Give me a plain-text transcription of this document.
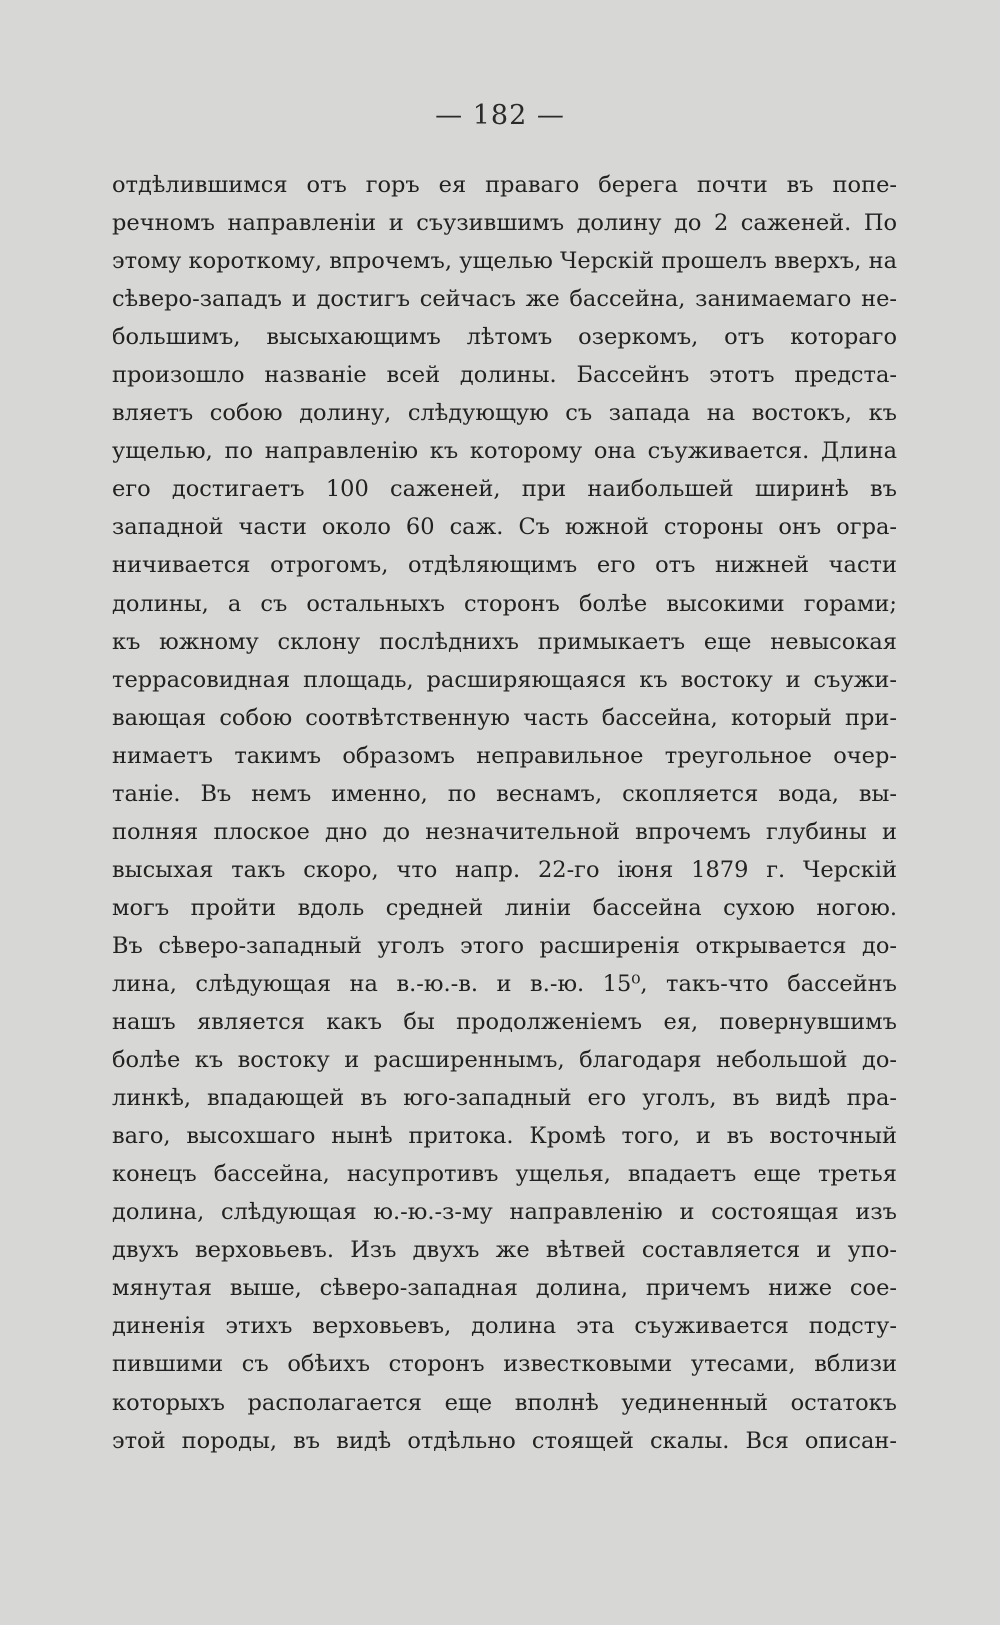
— 182 —
отдѣлившимся отъ горъ ея праваго берега почти въ попе-
речномъ направленіи и съузившимъ долину до 2 саженей. По
этому короткому, впрочемъ, ущелью Черскій прошелъ вверхъ, на
сѣверо-западъ и достигъ сейчасъ же бассейна, занимаемаго не-
большимъ, высыхающимъ лѣтомъ озеркомъ, отъ котораго
произошло названіе всей долины. Бассейнъ этотъ предста-
вляетъ собою долину, слѣдующую съ запада на востокъ, къ
ущелью, по направленію къ которому она съуживается. Длина
его достигаетъ 100 саженей, при наибольшей ширинѣ въ
западной части около 60 саж. Съ южной стороны онъ огра-
ничивается отрогомъ, отдѣляющимъ его отъ нижней части
долины, а съ остальныхъ сторонъ болѣе высокими горами;
къ южному склону послѣднихъ примыкаетъ еще невысокая
террасовидная площадь, расширяющаяся къ востоку и съужи-
вающая собою соотвѣтственную часть бассейна, который при-
нимаетъ такимъ образомъ неправильное треугольное очер-
таніе. Въ немъ именно, по веснамъ, скопляется вода, вы-
полняя плоское дно до незначительной впрочемъ глубины и
высыхая такъ скоро, что напр. 22-го іюня 1879 г. Черскій
могъ пройти вдоль средней линіи бассейна сухою ногою.
Въ сѣверо-западный уголъ этого расширенія открывается до-
лина, слѣдующая на в.-ю.-в. и в.-ю. 15⁰, такъ-что бассейнъ
нашъ является какъ бы продолженіемъ ея, повернувшимъ
болѣе къ востоку и расширеннымъ, благодаря небольшой до-
линкѣ, впадающей въ юго-западный его уголъ, въ видѣ пра-
ваго, высохшаго нынѣ притока. Кромѣ того, и въ восточный
конецъ бассейна, насупротивъ ущелья, впадаетъ еще третья
долина, слѣдующая ю.-ю.-з-му направленію и состоящая изъ
двухъ верховьевъ. Изъ двухъ же вѣтвей составляется и упо-
мянутая выше, сѣверо-западная долина, причемъ ниже сое-
диненія этихъ верховьевъ, долина эта съуживается подсту-
пившими съ обѣихъ сторонъ известковыми утесами, вблизи
которыхъ располагается еще вполнѣ уединенный остатокъ
этой породы, въ видѣ отдѣльно стоящей скалы. Вся описан-
